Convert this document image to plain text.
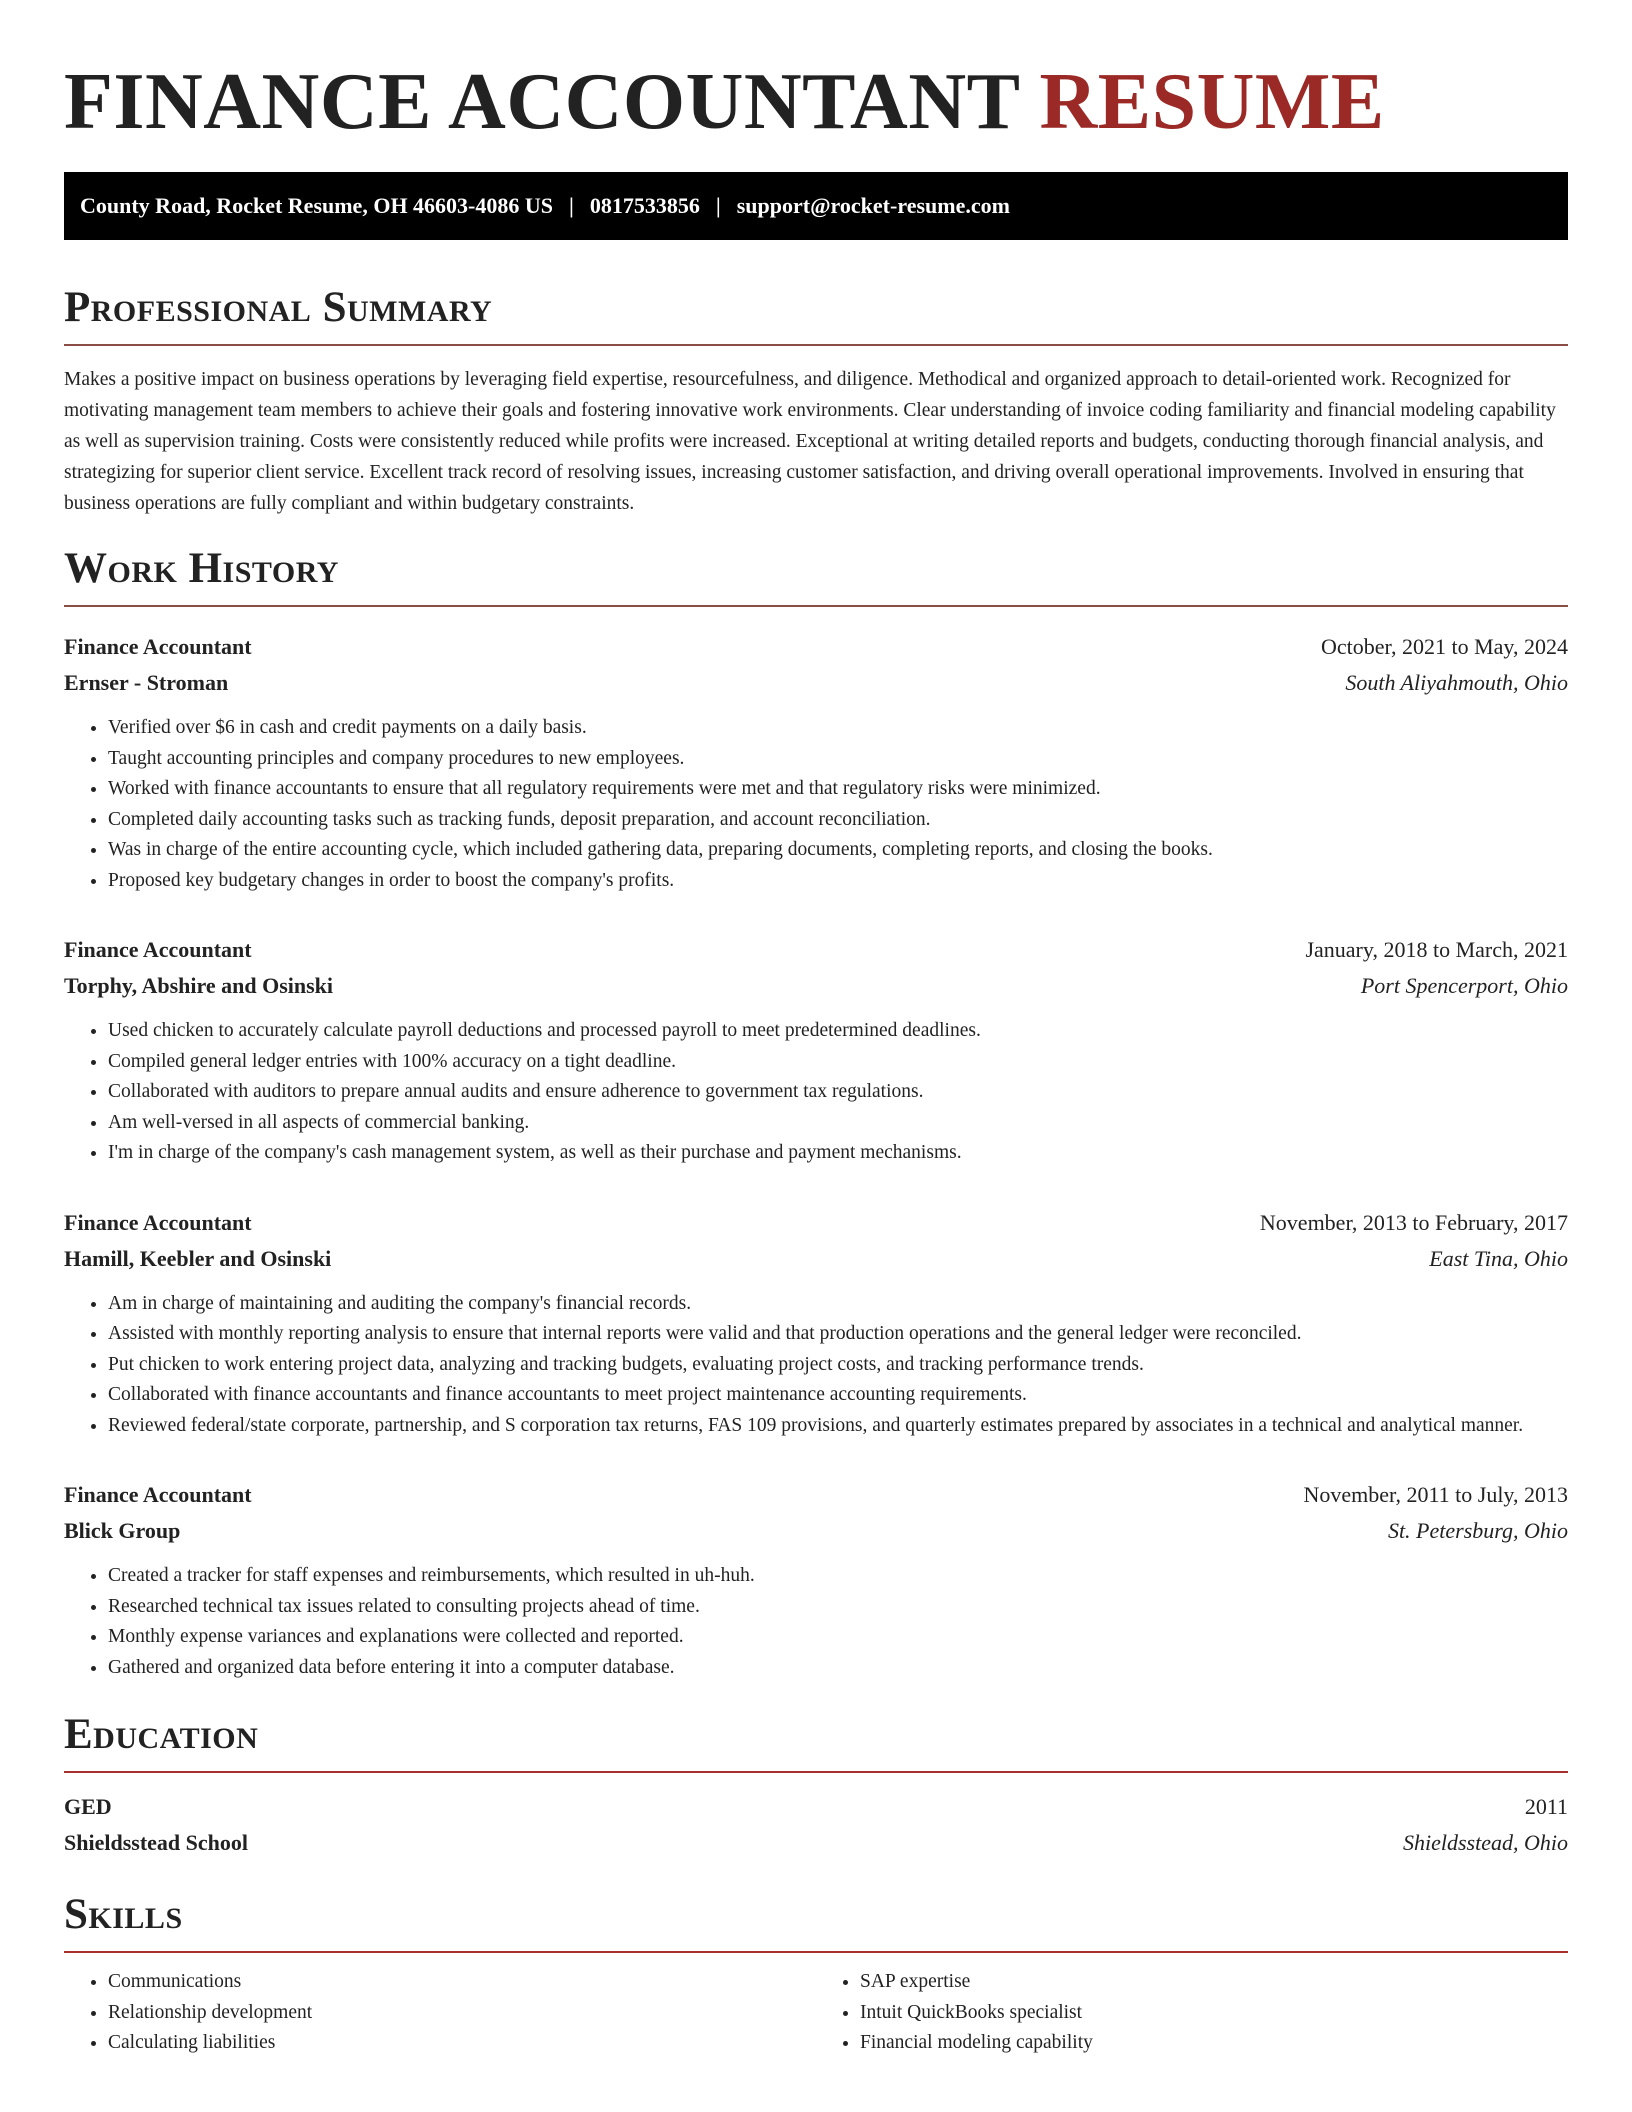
FINANCE ACCOUNTANT RESUME
County Road, Rocket Resume, OH 46603-4086 US | 0817533856 | support@rocket-resume.com
Professional Summary

Makes a positive impact on business operations by leveraging field expertise, resourcefulness, and diligence. Methodical and organized approach to detail-oriented work. Recognized for motivating management team members to achieve their goals and fostering innovative work environments. Clear understanding of invoice coding familiarity and financial modeling capability as well as supervision training. Costs were consistently reduced while profits were increased. Exceptional at writing detailed reports and budgets, conducting thorough financial analysis, and strategizing for superior client service. Excellent track record of resolving issues, increasing customer satisfaction, and driving overall operational improvements. Involved in ensuring that business operations are fully compliant and within budgetary constraints.

Work History
Finance Accountant	October, 2021 to May, 2024
Ernser - Stroman	South Aliyahmouth, Ohio
• Verified over $6 in cash and credit payments on a daily basis.
• Taught accounting principles and company procedures to new employees.
• Worked with finance accountants to ensure that all regulatory requirements were met and that regulatory risks were minimized.
• Completed daily accounting tasks such as tracking funds, deposit preparation, and account reconciliation.
• Was in charge of the entire accounting cycle, which included gathering data, preparing documents, completing reports, and closing the books.
• Proposed key budgetary changes in order to boost the company's profits.
Finance Accountant	January, 2018 to March, 2021
Torphy, Abshire and Osinski	Port Spencerport, Ohio
• Used chicken to accurately calculate payroll deductions and processed payroll to meet predetermined deadlines.
• Compiled general ledger entries with 100% accuracy on a tight deadline.
• Collaborated with auditors to prepare annual audits and ensure adherence to government tax regulations.
• Am well-versed in all aspects of commercial banking.
• I'm in charge of the company's cash management system, as well as their purchase and payment mechanisms.
Finance Accountant	November, 2013 to February, 2017
Hamill, Keebler and Osinski	East Tina, Ohio
• Am in charge of maintaining and auditing the company's financial records.
• Assisted with monthly reporting analysis to ensure that internal reports were valid and that production operations and the general ledger were reconciled.
• Put chicken to work entering project data, analyzing and tracking budgets, evaluating project costs, and tracking performance trends.
• Collaborated with finance accountants and finance accountants to meet project maintenance accounting requirements.
• Reviewed federal/state corporate, partnership, and S corporation tax returns, FAS 109 provisions, and quarterly estimates prepared by associates in a technical and analytical manner.
Finance Accountant	November, 2011 to July, 2013
Blick Group	St. Petersburg, Ohio
• Created a tracker for staff expenses and reimbursements, which resulted in uh-huh.
• Researched technical tax issues related to consulting projects ahead of time.
• Monthly expense variances and explanations were collected and reported.
• Gathered and organized data before entering it into a computer database.
Education
GED	2011
Shieldsstead School	Shieldsstead, Ohio
Skills
• Communications
• Relationship development
• Calculating liabilities
• SAP expertise
• Intuit QuickBooks specialist
• Financial modeling capability
